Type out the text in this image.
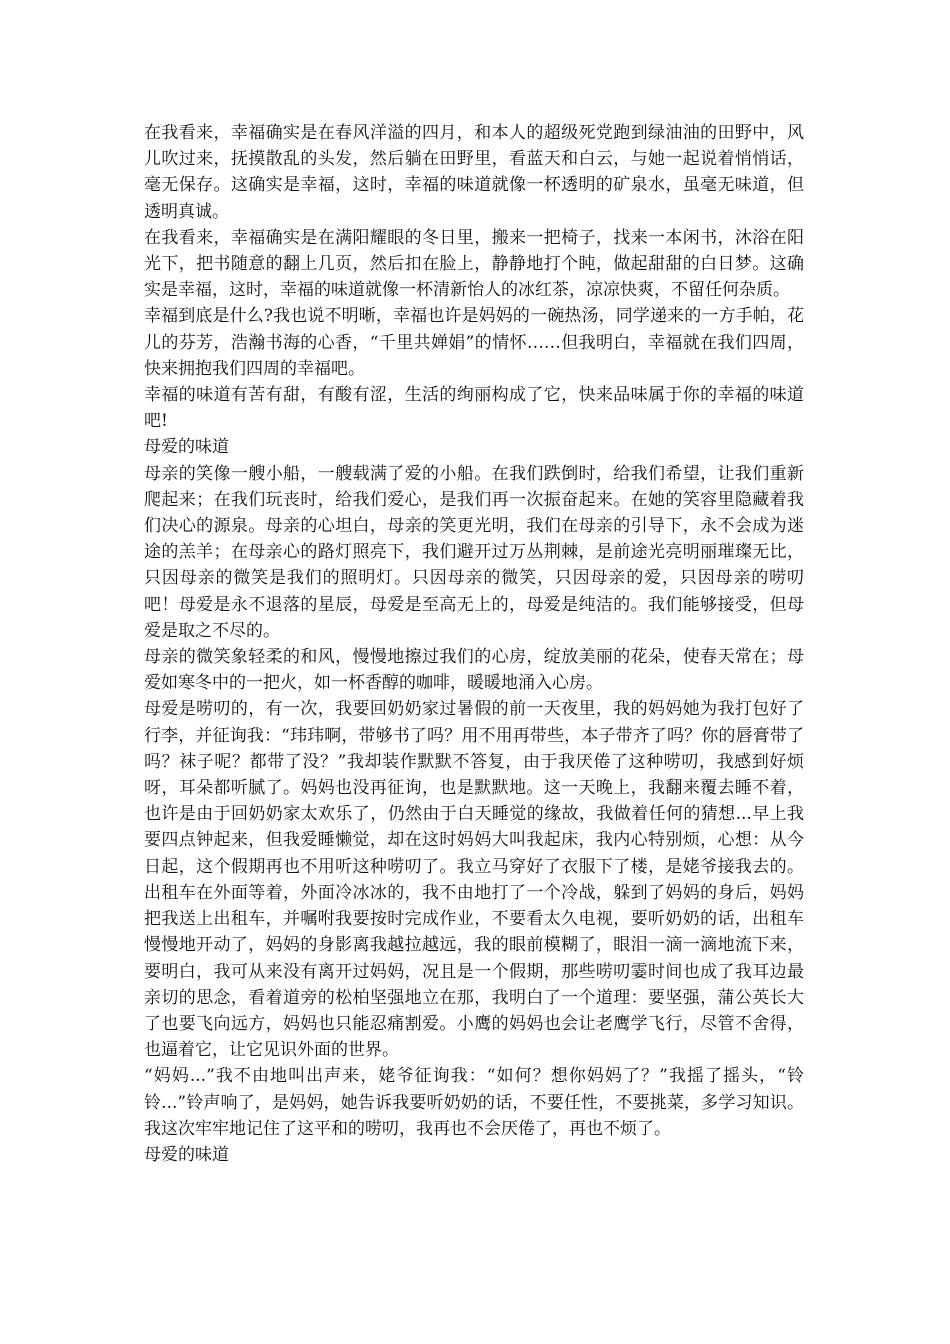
在我看来，幸福确实是在春风洋溢的四月，和本人的超级死党跑到绿油油的田野中，风儿吹过来，抚摸散乱的头发，然后躺在田野里，看蓝天和白云，与她一起说着悄悄话，毫无保存。这确实是幸福，这时，幸福的味道就像一杯透明的矿泉水，虽毫无味道，但透明真诚。

在我看来，幸福确实是在满阳耀眼的冬日里，搬来一把椅子，找来一本闲书，沐浴在阳光下，把书随意的翻上几页，然后扣在脸上，静静地打个盹，做起甜甜的白日梦。这确实是幸福，这时，幸福的味道就像一杯清新怡人的冰红茶，凉凉快爽，不留任何杂质。

幸福到底是什么?我也说不明晰，幸福也许是妈妈的一碗热汤，同学递来的一方手帕，花儿的芬芳，浩瀚书海的心香，“千里共婵娟”的情怀……但我明白，幸福就在我们四周，快来拥抱我们四周的幸福吧。

幸福的味道有苦有甜，有酸有涩，生活的绚丽构成了它，快来品味属于你的幸福的味道吧!

母爱的味道

母亲的笑像一艘小船，一艘载满了爱的小船。在我们跌倒时，给我们希望，让我们重新爬起来；在我们玩丧时，给我们爱心，是我们再一次振奋起来。在她的笑容里隐藏着我们决心的源泉。母亲的心坦白，母亲的笑更光明，我们在母亲的引导下，永不会成为迷途的羔羊；在母亲心的路灯照亮下，我们避开过万丛荆棘，是前途光亮明丽璀璨无比，只因母亲的微笑是我们的照明灯。只因母亲的微笑，只因母亲的爱，只因母亲的唠叨吧！母爱是永不退落的星辰，母爱是至高无上的，母爱是纯洁的。我们能够接受，但母爱是取之不尽的。

母亲的微笑象轻柔的和风，慢慢地擦过我们的心房，绽放美丽的花朵，使春天常在；母爱如寒冬中的一把火，如一杯香醇的咖啡，暖暖地涌入心房。

母爱是唠叨的，有一次，我要回奶奶家过暑假的前一天夜里，我的妈妈她为我打包好了行李，并征询我：“玮玮啊，带够书了吗？用不用再带些，本子带齐了吗？你的唇膏带了吗？袜子呢？都带了没？”我却装作默默不答复，由于我厌倦了这种唠叨，我感到好烦呀，耳朵都听腻了。妈妈也没再征询，也是默默地。这一天晚上，我翻来覆去睡不着，也许是由于回奶奶家太欢乐了，仍然由于白天睡觉的缘故，我做着任何的猜想...早上我要四点钟起来，但我爱睡懒觉，却在这时妈妈大叫我起床，我内心特别烦，心想：从今日起，这个假期再也不用听这种唠叨了。我立马穿好了衣服下了楼，是姥爷接我去的。出租车在外面等着，外面冷冰冰的，我不由地打了一个冷战，躲到了妈妈的身后，妈妈把我送上出租车，并嘱咐我要按时完成作业，不要看太久电视，要听奶奶的话，出租车慢慢地开动了，妈妈的身影离我越拉越远，我的眼前模糊了，眼泪一滴一滴地流下来，要明白，我可从来没有离开过妈妈，况且是一个假期，那些唠叨霎时间也成了我耳边最亲切的思念，看着道旁的松柏坚强地立在那，我明白了一个道理：要坚强，蒲公英长大了也要飞向远方，妈妈也只能忍痛割爱。小鹰的妈妈也会让老鹰学飞行，尽管不舍得，也逼着它，让它见识外面的世界。

“妈妈...”我不由地叫出声来，姥爷征询我：“如何？想你妈妈了？”我摇了摇头，“铃铃...”铃声响了，是妈妈，她告诉我要听奶奶的话，不要任性，不要挑菜，多学习知识。我这次牢牢地记住了这平和的唠叨，我再也不会厌倦了，再也不烦了。

母爱的味道
